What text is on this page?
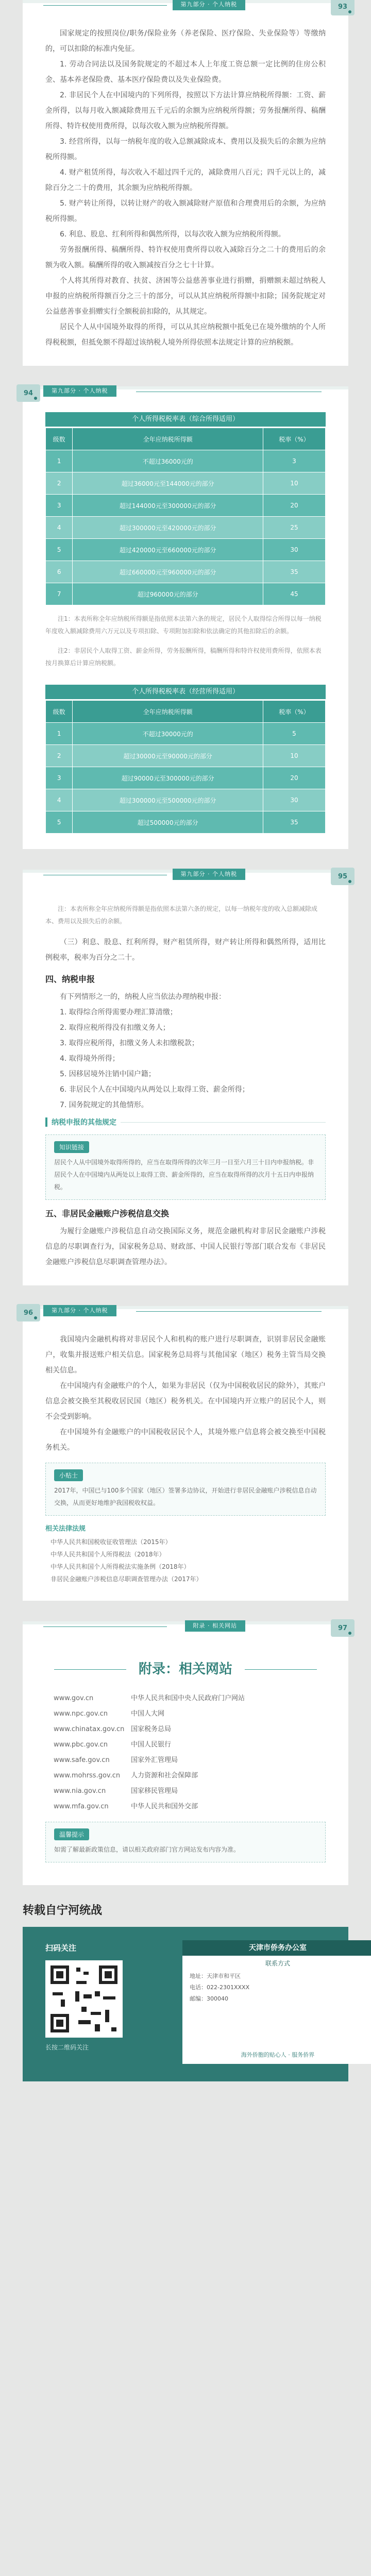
第九部分 · 个人纳税	93

国家规定的按照岗位/职务/保险业务（养老保险、医疗保险、失业保险等）等缴纳的，可以扣除的标准内免征。

1. 劳动合同法以及国务院规定的不超过本人上年度工资总额一定比例的住房公积金、基本养老保险费、基本医疗保险费以及失业保险费。

2. 非居民个人在中国境内的下列所得，按照以下方法计算应纳税所得额：工资、薪金所得，以每月收入额减除费用五千元后的余额为应纳税所得额；劳务报酬所得、稿酬所得、特许权使用费所得，以每次收入额为应纳税所得额。

3. 经营所得，以每一纳税年度的收入总额减除成本、费用以及损失后的余额为应纳税所得额。

4. 财产租赁所得，每次收入不超过四千元的，减除费用八百元；四千元以上的，减除百分之二十的费用，其余额为应纳税所得额。

5. 财产转让所得，以转让财产的收入额减除财产原值和合理费用后的余额，为应纳税所得额。

6. 利息、股息、红利所得和偶然所得，以每次收入额为应纳税所得额。

劳务报酬所得、稿酬所得、特许权使用费所得以收入减除百分之二十的费用后的余额为收入额。稿酬所得的收入额减按百分之七十计算。

个人将其所得对教育、扶贫、济困等公益慈善事业进行捐赠，捐赠额未超过纳税人申报的应纳税所得额百分之三十的部分，可以从其应纳税所得额中扣除；国务院规定对公益慈善事业捐赠实行全额税前扣除的，从其规定。

居民个人从中国境外取得的所得，可以从其应纳税额中抵免已在境外缴纳的个人所得税税额，但抵免额不得超过该纳税人境外所得依照本法规定计算的应纳税额。

第九部分 · 个人纳税
94
个人所得税税率表（综合所得适用）
级数	全年应纳税所得额	税率（%）
1	不超过36000元的	3
2	超过36000元至144000元的部分	10
3	超过144000元至300000元的部分	20
4	超过300000元至420000元的部分	25
5	超过420000元至660000元的部分	30
6	超过660000元至960000元的部分	35
7	超过960000元的部分	45
注1：本表所称全年应纳税所得额是指依照本法第六条的规定，居民个人取得综合所得以每一纳税年度收入额减除费用六万元以及专项扣除、专项附加扣除和依法确定的其他扣除后的余额。
注2：非居民个人取得工资、薪金所得，劳务报酬所得，稿酬所得和特许权使用费所得，依照本表按月换算后计算应纳税额。
个人所得税税率表（经营所得适用）
级数	全年应纳税所得额	税率（%）
1	不超过30000元的	5
2	超过30000元至90000元的部分	10
3	超过90000元至300000元的部分	20
4	超过300000元至500000元的部分	30
5	超过500000元的部分	35
第九部分 · 个人纳税	95
注：本表所称全年应纳税所得额是指依照本法第六条的规定，以每一纳税年度的收入总额减除成本、费用以及损失后的余额。

（三）利息、股息、红利所得，财产租赁所得，财产转让所得和偶然所得，适用比例税率，税率为百分之二十。

四、纳税申报

有下列情形之一的，纳税人应当依法办理纳税申报：

1. 取得综合所得需要办理汇算清缴；
2. 取得应税所得没有扣缴义务人；
3. 取得应税所得，扣缴义务人未扣缴税款；
4. 取得境外所得；
5. 因移居境外注销中国户籍；
6. 非居民个人在中国境内从两处以上取得工资、薪金所得；
7. 国务院规定的其他情形。
纳税申报的其他规定
知识链接

居民个人从中国境外取得所得的，应当在取得所得的次年三月一日至六月三十日内申报纳税。非居民个人在中国境内从两处以上取得工资、薪金所得的，应当在取得所得的次月十五日内申报纳税。

五、非居民金融账户涉税信息交换

为履行金融账户涉税信息自动交换国际义务，规范金融机构对非居民金融账户涉税信息的尽职调查行为，国家税务总局、财政部、中国人民银行等部门联合发布《非居民金融账户涉税信息尽职调查管理办法》。

第九部分 · 个人纳税
96

我国境内金融机构将对非居民个人和机构的账户进行尽职调查，识别非居民金融账户，收集并报送账户相关信息。国家税务总局将与其他国家（地区）税务主管当局交换相关信息。

在中国境内有金融账户的个人，如果为非居民（仅为中国税收居民的除外），其账户信息会被交换至其税收居民国（地区）税务机关。在中国境内开立账户的居民个人，则不会受到影响。

在中国境外有金融账户的中国税收居民个人，其境外账户信息将会被交换至中国税务机关。

小贴士

2017年，中国已与100多个国家（地区）签署多边协议，开始进行非居民金融账户涉税信息自动交换，从而更好地维护我国税收权益。

相关法律法规
中华人民共和国税收征收管理法（2015年）
中华人民共和国个人所得税法（2018年）
中华人民共和国个人所得税法实施条例（2018年）
非居民金融账户涉税信息尽职调查管理办法（2017年）
附录 · 相关网站	97
附录：相关网站
www.gov.cn	中华人民共和国中央人民政府门户网站
www.npc.gov.cn	中国人大网
www.chinatax.gov.cn 国家税务总局
www.pbc.gov.cn	中国人民银行
www.safe.gov.cn	国家外汇管理局
www.mohrss.gov.cn 人力资源和社会保障部
www.nia.gov.cn	国家移民管理局
www.mfa.gov.cn	中华人民共和国外交部
温馨提示

如需了解最新政策信息，请以相关政府部门官方网站发布内容为准。

转载自宁河统战
扫码关注
长按二维码关注
天津市侨务办公室
联系方式
地址：天津市和平区
电话：022-2301XXXX
邮编：300040
海外侨胞的贴心人 · 服务侨界
